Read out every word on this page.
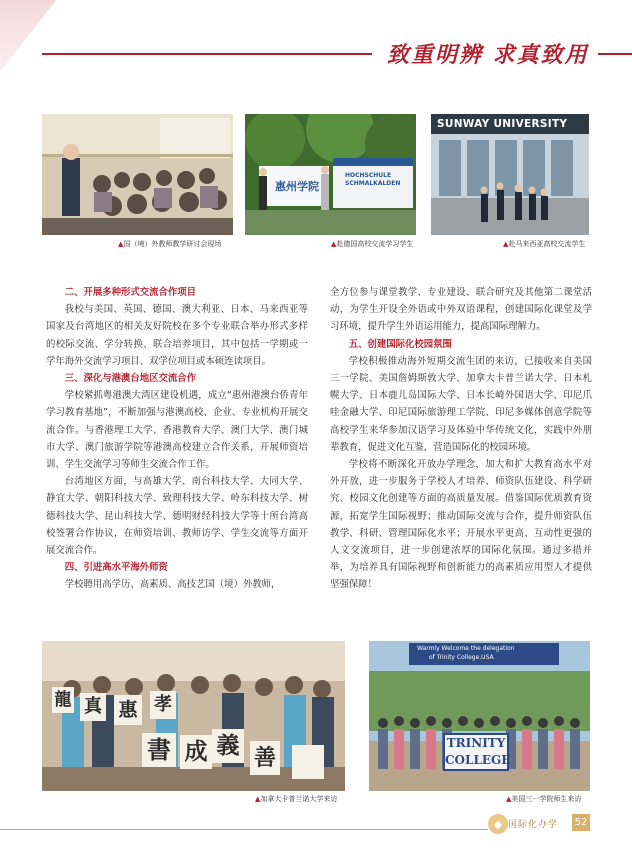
致重明辨 求真致用
▲国（境）外教师教学研讨会现场
惠州学院
HOCHSCHULE
SCHMALKALDEN
▲赴德国高校交流学习学生
SUNWAY UNIVERSITY
▲赴马来西亚高校交流学生
二、开展多种形式交流合作项目

我校与美国、英国、德国、澳大利亚、日本、马来西亚等国家及台湾地区的相关友好院校在多个专业联合举办形式多样的校际交流、学分转换、联合培养项目，其中包括一学期或一学年海外交流学习项目、双学位项目或本硕连读项目。

三、深化与港澳台地区交流合作

学校紧抓粤港澳大湾区建设机遇，成立“惠州港澳台侨青年学习教育基地”，不断加强与港澳高校、企业、专业机构开展交流合作。与香港理工大学、香港教育大学、澳门大学、澳门城市大学、澳门旅游学院等港澳高校建立合作关系，开展师资培训、学生交流学习等师生交流合作工作。

台湾地区方面，与高雄大学、南台科技大学、大同大学、静宜大学、朝阳科技大学、致理科技大学、岭东科技大学、树德科技大学、昆山科技大学、德明财经科技大学等十所台湾高校签署合作协议，在师资培训、教师访学、学生交流等方面开展交流合作。

四、引进高水平海外师资

学校聘用高学历、高素质、高技艺国（境）外教师，

全方位参与课堂教学、专业建设、联合研究及其他第二课堂活动，为学生开设全外语或中外双语课程，创建国际化课堂及学习环境，提升学生外语运用能力，提高国际理解力。

五、创建国际化校园氛围

学校积极推动海外短期交流生团的来访，已接收来自美国三一学院、美国詹姆斯敦大学、加拿大卡普兰诺大学、日本札幌大学、日本鹿儿岛国际大学、日本长崎外国语大学、印尼爪哇金融大学、印尼国际旅游理工学院、印尼多媒体创意学院等高校学生来华参加汉语学习及体验中华传统文化，实践中外朋辈教育，促进文化互鉴，营造国际化的校园环境。

学校将不断深化开放办学理念，加大和扩大教育高水平对外开放，进一步服务于学校人才培养、师资队伍建设、科学研究、校园文化创建等方面的高质量发展。借鉴国际优质教育资源，拓宽学生国际视野；推动国际交流与合作，提升师资队伍教学、科研、管理国际化水平；开展水平更高、互动性更强的人文交流项目，进一步创建浓厚的国际化氛围。通过多措并举，为培养具有国际视野和创新能力的高素质应用型人才提供坚强保障！

龍 真 惠 孝
書 成 義 善
▲加拿大卡普兰诺大学来访
Warmly Welcome the delegation
of Trinity College,USA
TRINITY
COLLEGE
▲美国三一学院师生来访
◆ 国际化办学 52
